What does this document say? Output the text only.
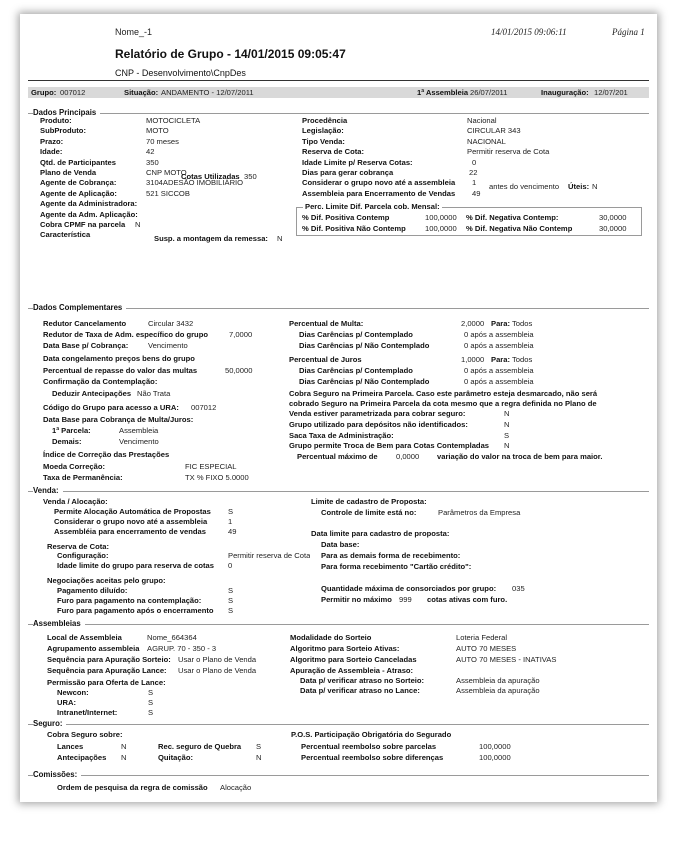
Nome_-1	14/01/2015 09:06:11	Página 1
Relatório de Grupo - 14/01/2015 09:05:47
CNP - Desenvolvimento\CnpDes
Grupo: 007012	Situação: ANDAMENTO - 12/07/2011	1ª Assembleia 26/07/2011	Inauguração: 12/07/201
Dados Principais
Cotas Utilizadas 350
Susp. a montagem da remessa: N
antes do vencimento Úteis: N
Perc. Limite Dif. Parcela cob. Mensal:
% Dif. Positiva Contemp	100,0000 % Dif. Negativa Contemp:	30,0000
% Dif. Positiva Não Contemp	100,0000 % Dif. Negativa Não Contemp	30,0000
Dados Complementares
Redutor Cancelamento	Circular 3432
Redutor de Taxa de Adm. específico do grupo	7,0000
Data Base p/ Cobrança:	Vencimento
Data congelamento preços bens do grupo
Percentual de repasse do valor das multas	50,0000
Confirmação da Contemplação:
Deduzir Antecipações Não Trata
Código do Grupo para acesso a URA: 007012
Data Base para Cobrança de Multa/Juros:
1ª Parcela:	Assembleia
Demais:	Vencimento
Índice de Correção das Prestações
Moeda Correção:	FIC ESPECIAL
Taxa de Permanência:	TX % FIXO 5.0000
Percentual de Multa:	2,0000 Para: Todos
Dias Carências p/ Contemplado	0 após a assembleia
Dias Carências p/ Não Contemplado	0 após a assembleia
Percentual de Juros	1,0000 Para: Todos
Dias Carências p/ Contemplado	0 após a assembleia
Dias Carências p/ Não Contemplado	0 após a assembleia
Cobra Seguro na Primeira Parcela. Caso este parâmetro esteja desmarcado, não será
cobrado Seguro na Primeira Parcela da cota mesmo que a regra definida no Plano de
Venda estiver parametrizada para cobrar seguro:	N
Grupo utilizado para depósitos não identificados:	N
Saca Taxa de Administração:	S
Grupo permite Troca de Bem para Cotas Contempladas N
Percentual máximo de 0,0000 variação do valor na troca de bem para maior.
Venda:
Venda / Alocação:
Permite Alocação Automática de Propostas S
Considerar o grupo novo até a assembleia	1
Assembléia para encerramento de vendas	49
Reserva de Cota:
Configuração:	Permitir reserva de Cota
Idade limite do grupo para reserva de cotas 0
Negociações aceitas pelo grupo:
Pagamento diluído:	S
Furo para pagamento na contemplação:	S
Furo para pagamento após o encerramento S
Limite de cadastro de Proposta:
Controle de limite está no:	Parâmetros da Empresa
Data limite para cadastro de proposta:
Data base:
Para as demais forma de recebimento:
Para forma recebimento "Cartão crédito":
Quantidade máxima de consorciados por grupo: 035
Permitir no máximo 999 cotas ativas com furo.
Assembleias
Local de Assembleia	Nome_664364
Agrupamento assembleia AGRUP. 70 - 350 - 3
Sequência para Apuração Sorteio: Usar o Plano de Venda
Sequência para Apuração Lance: Usar o Plano de Venda
Permissão para Oferta de Lance:
Newcon:	S
URA:	S
Intranet/Internet:	S
Modalidade do Sorteio	Loteria Federal
Algoritmo para Sorteio Ativas:	AUTO 70 MESES
Algoritmo para Sorteio Canceladas	AUTO 70 MESES - INATIVAS
Apuração de Assembleia - Atraso:
Data p/ verificar atraso no Sorteio:	Assembleia da apuração
Data p/ verificar atraso no Lance:	Assembleia da apuração
Seguro:
Cobra Seguro sobre:
Lances	N
Antecipações N
Rec. seguro de Quebra S
Quitação:	N
P.O.S. Participação Obrigatória do Segurado
Percentual reembolso sobre parcelas	100,0000
Percentual reembolso sobre diferenças	100,0000
Comissões:
Ordem de pesquisa da regra de comissão Alocação
Produto:	MOTOCICLETA
SubProduto:	MOTO
Prazo:	70 meses
Idade:	42
Qtd. de Participantes	350
Plano de Venda	CNP MOTO
Agente de Cobrança:	3104ADESÃO IMOBILIÁRIO
Agente de Aplicação:	521 SICCOB
Agente da Administradora:
Agente da Adm. Aplicação:
Cobra CPMF na parcela N
Característica
Procedência	Nacional
Legislação:	CIRCULAR 343
Tipo Venda:	NACIONAL
Reserva de Cota:	Permitir reserva de Cota
Idade Limite p/ Reserva Cotas:	0
Dias para gerar cobrança	22
Considerar o grupo novo até a assembleia 1
Assembleia para Encerramento de Vendas 49
